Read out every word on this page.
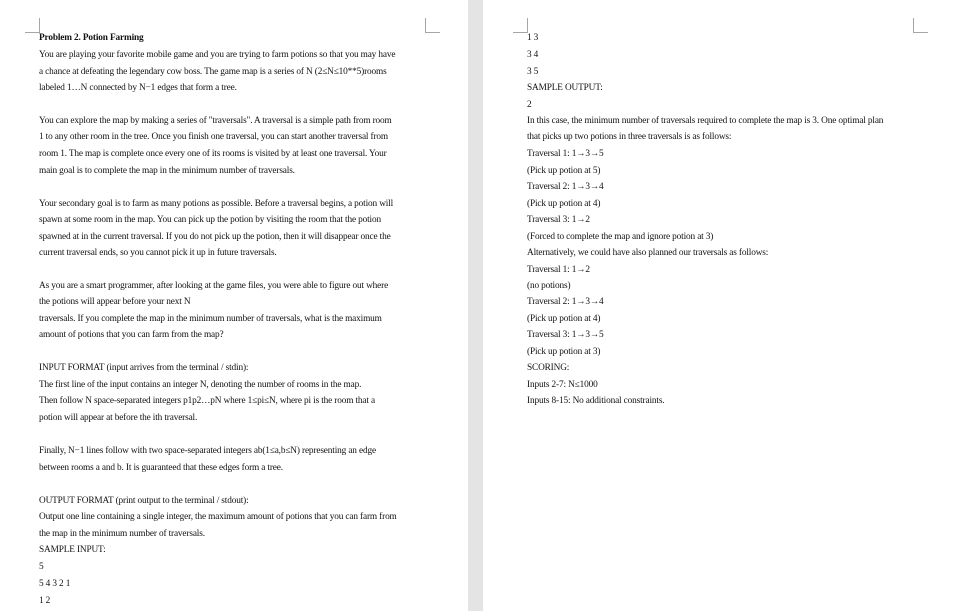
Problem 2. Potion Farming
You are playing your favorite mobile game and you are trying to farm potions so that you may have
a chance at defeating the legendary cow boss. The game map is a series of N (2≤N≤10**5)rooms
labeled 1…N connected by N−1 edges that form a tree.
You can explore the map by making a series of "traversals". A traversal is a simple path from room
1 to any other room in the tree. Once you finish one traversal, you can start another traversal from
room 1. The map is complete once every one of its rooms is visited by at least one traversal. Your
main goal is to complete the map in the minimum number of traversals.
Your secondary goal is to farm as many potions as possible. Before a traversal begins, a potion will
spawn at some room in the map. You can pick up the potion by visiting the room that the potion
spawned at in the current traversal. If you do not pick up the potion, then it will disappear once the
current traversal ends, so you cannot pick it up in future traversals.
As you are a smart programmer, after looking at the game files, you were able to figure out where
the potions will appear before your next N
traversals. If you complete the map in the minimum number of traversals, what is the maximum
amount of potions that you can farm from the map?
INPUT FORMAT (input arrives from the terminal / stdin):
The first line of the input contains an integer N, denoting the number of rooms in the map.
Then follow N space-separated integers p1p2…pN where 1≤pi≤N, where pi is the room that a
potion will appear at before the ith traversal.
Finally, N−1 lines follow with two space-separated integers ab(1≤a,b≤N) representing an edge
between rooms a and b. It is guaranteed that these edges form a tree.
OUTPUT FORMAT (print output to the terminal / stdout):
Output one line containing a single integer, the maximum amount of potions that you can farm from
the map in the minimum number of traversals.
SAMPLE INPUT:
5
5 4 3 2 1
1 2
1 3
3 4
3 5
SAMPLE OUTPUT:
2
In this case, the minimum number of traversals required to complete the map is 3. One optimal plan
that picks up two potions in three traversals is as follows:
Traversal 1: 1→3→5
(Pick up potion at 5)
Traversal 2: 1→3→4
(Pick up potion at 4)
Traversal 3: 1→2
(Forced to complete the map and ignore potion at 3)
Alternatively, we could have also planned our traversals as follows:
Traversal 1: 1→2
(no potions)
Traversal 2: 1→3→4
(Pick up potion at 4)
Traversal 3: 1→3→5
(Pick up potion at 3)
SCORING:
Inputs 2-7: N≤1000
Inputs 8-15: No additional constraints.
